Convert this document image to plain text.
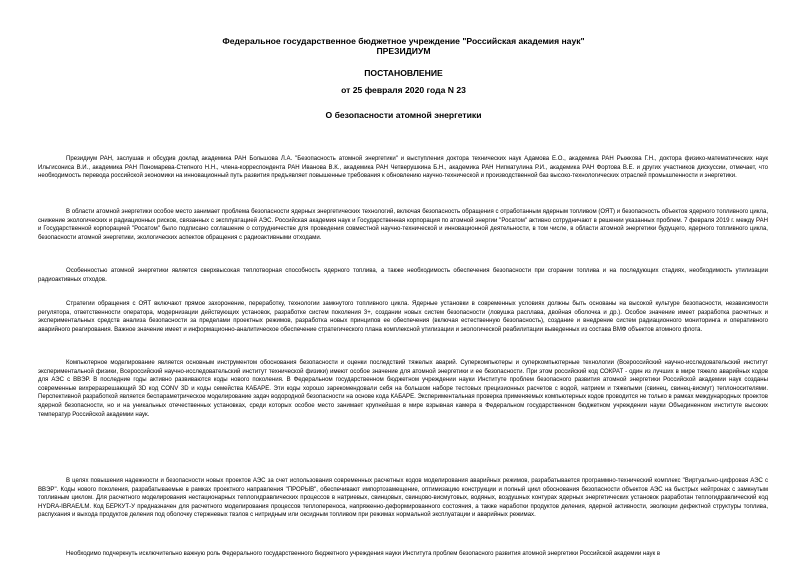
Федеральное государственное бюджетное учреждение "Российская академия наук"
ПРЕЗИДИУМ
ПОСТАНОВЛЕНИЕ
от 25 февраля 2020 года N 23
О безопасности атомной энергетики

Президиум РАН, заслушав и обсудив доклад академика РАН Большова Л.А. "Безопасность атомной энергетики" и выступления доктора технических наук Адамова Е.О., академика РАН Рыжкова Г.Н., доктора физико-математических наук Ильгисониса В.И., академика РАН Пономарева-Степного Н.Н., члена-корреспондента РАН Иванова В.К., академика РАН Четверушкина Б.Н., академика РАН Нигматулина Р.И., академика РАН Фортова В.Е. и других участников дискуссии, отмечает, что необходимость перевода российской экономики на инновационный путь развития предъявляет повышенные требования к обновлению научно-технической и производственной баз высоко-технологических отраслей промышленности и энергетики.

В области атомной энергетики особое место занимает проблема безопасности ядерных энергетических технологий, включая безопасность обращения с отработанным ядерным топливом (ОЯТ) и безопасность объектов ядерного топливного цикла, снижение экологических и радиационных рисков, связанных с эксплуатацией АЭС. Российская академия наук и Государственная корпорация по атомной энергии "Росатом" активно сотрудничают в решении указанных проблем. 7 февраля 2019 г. между РАН и Государственной корпорацией "Росатом" было подписано соглашение о сотрудничестве для проведения совместной научно-технической и инновационной деятельности, в том числе, в области атомной энергетики будущего, ядерного топливного цикла, безопасности атомной энергетики, экологических аспектов обращения с радиоактивными отходами.

Особенностью атомной энергетики является сверхвысокая теплотворная способность ядерного топлива, а также необходимость обеспечения безопасности при сгорании топлива и на последующих стадиях, необходимость утилизации радиоактивных отходов.

Стратегии обращения с ОЯТ включают прямое захоронение, переработку, технологии замкнутого топливного цикла. Ядерные установки в современных условиях должны быть основаны на высокой культуре безопасности, независимости регулятора, ответственности оператора, модернизации действующих установок, разработке систем поколения 3+, создании новых систем безопасности (ловушка расплава, двойная оболочка и др.). Особое значение имеет разработка расчетных и экспериментальных средств анализа безопасности за пределами проектных режимов, разработка новых принципов ее обеспечения (включая естественную безопасность), создание и внедрение систем радиационного мониторинга и оперативного аварийного реагирования. Важное значение имеет и информационно-аналитическое обеспечение стратегического плана комплексной утилизации и экологической реабилитации выведенных из состава ВМФ объектов атомного флота.

Компьютерное моделирование является основным инструментом обоснования безопасности и оценки последствий тяжелых аварий. Суперкомпьютеры и суперкомпьютерные технологии (Всероссийский научно-исследовательский институт экспериментальной физики, Всероссийский научно-исследовательский институт технической физики) имеют особое значение для атомной энергетики и ее безопасности. При этом российский код СОКРАТ - один из лучших в мире тяжело аварийных кодов для АЭС с ВВЭР. В последние годы активно развиваются коды нового поколения. В Федеральном государственном бюджетном учреждении науки Институте проблем безопасного развития атомной энергетики Российской академии наук созданы современные вихреразрешающий 3D код CONV 3D и коды семейства КАБАРЕ. Эти коды хорошо зарекомендовали себя на большом наборе тестовых прецизионных расчетов с водой, натрием и тяжелыми (свинец, свинец-висмут) теплоносителями. Перспективной разработкой является беспараметрическое моделирование задач водородной безопасности на основе кода КАБАРЕ. Экспериментальная проверка применяемых компьютерных кодов проводится не только в рамках международных проектов ядерной безопасности, но и на уникальных отечественных установках, среди которых особое место занимает крупнейшая в мире взрывная камера в Федеральном государственном бюджетном учреждении науки Объединенном институте высоких температур Российской академии наук.

В целях повышения надежности и безопасности новых проектов АЭС за счет использования современных расчетных кодов моделирования аварийных режимов, разрабатывается программно-технический комплекс "Виртуально-цифровая АЭС с ВВЭР". Коды нового поколения, разрабатываемые в рамках проектного направления "ПРОРЫВ", обеспечивают импортозамещение, оптимизацию конструкции и полный цикл обоснования безопасности объектов АЭС на быстрых нейтронах с замкнутым топливным циклом. Для расчетного моделирования нестационарных теплогидравлических процессов в натриевых, свинцовых, свинцово-висмутовых, водяных, воздушных контурах ядерных энергетических установок разработан теплогидравлический код HYDRA-IBRAE/LM. Код БЕРКУТ-У предназначен для расчетного моделирования процессов теплопереноса, напряженно-деформированного состояния, а также наработки продуктов деления, ядерной активности, эволюции дефектной структуры топлива, распухания и выхода продуктов деления под оболочку стержневых твэлов с нитридным или оксидным топливом при режимах нормальной эксплуатации и аварийных режимах.

Необходимо подчеркнуть исключительно важную роль Федерального государственного бюджетного учреждения науки Института проблем безопасного развития атомной энергетики Российской академии наук в
